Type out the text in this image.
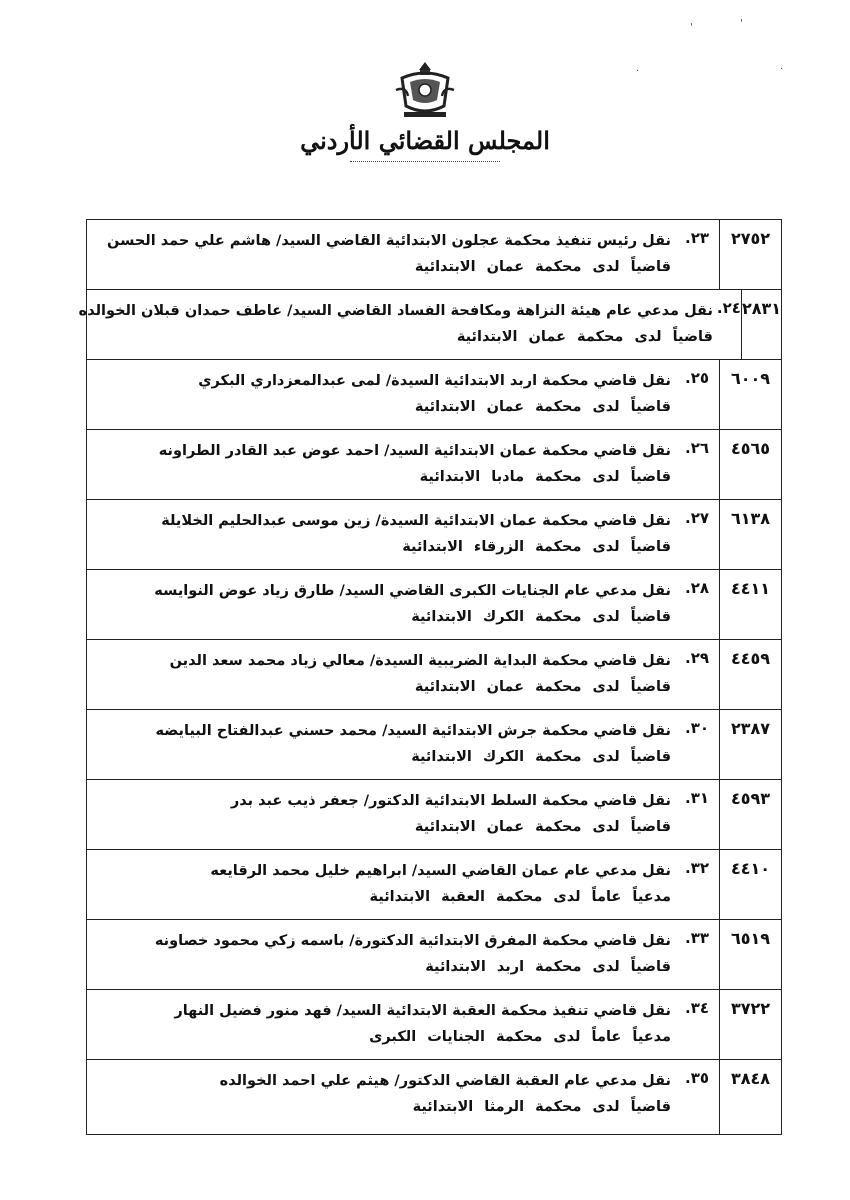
'	'
·	·
المجلس القضائي الأردني
٢٧٥٢
٢٣.
نقل رئيس تنفيذ محكمة عجلون الابتدائية القاضي السيد/ هاشم علي حمد الحسن
قاضياً لدى محكمة عمان الابتدائية
٢٨٣١
٢٤.
نقل مدعي عام هيئة النزاهة ومكافحة الفساد القاضي السيد/ عاطف حمدان قبلان الخوالده
قاضياً لدى محكمة عمان الابتدائية
٦٠٠٩
٢٥.
نقل قاضي محكمة اربد الابتدائية السيدة/ لمى عبدالمعزداري البكري
قاضياً لدى محكمة عمان الابتدائية
٤٥٦٥
٢٦.
نقل قاضي محكمة عمان الابتدائية السيد/ احمد عوض عبد القادر الطراونه
قاضياً لدى محكمة مادبا الابتدائية
٦١٣٨
٢٧.
نقل قاضي محكمة عمان الابتدائية السيدة/ زين موسى عبدالحليم الخلايلة
قاضياً لدى محكمة الزرقاء الابتدائية
٤٤١١
٢٨.
نقل مدعي عام الجنايات الكبرى القاضي السيد/ طارق زياد عوض النوايسه
قاضياً لدى محكمة الكرك الابتدائية
٤٤٥٩
٢٩.
نقل قاضي محكمة البداية الضريبية السيدة/ معالي زياد محمد سعد الدين
قاضياً لدى محكمة عمان الابتدائية
٢٣٨٧
٣٠.
نقل قاضي محكمة جرش الابتدائية السيد/ محمد حسني عبدالفتاح البيايضه
قاضياً لدى محكمة الكرك الابتدائية
٤٥٩٣
٣١.
نقل قاضي محكمة السلط الابتدائية الدكتور/ جعفر ذيب عبد بدر
قاضياً لدى محكمة عمان الابتدائية
٤٤١٠
٣٢.
نقل مدعي عام عمان القاضي السيد/ ابراهيم خليل محمد الرقايعه
مدعياً عاماً لدى محكمة العقبة الابتدائية
٦٥١٩
٣٣.
نقل قاضي محكمة المفرق الابتدائية الدكتورة/ باسمه زكي محمود خصاونه
قاضياً لدى محكمة اربد الابتدائية
٣٧٢٢
٣٤.
نقل قاضي تنفيذ محكمة العقبة الابتدائية السيد/ فهد منور فضيل النهار
مدعياً عاماً لدى محكمة الجنايات الكبرى
٣٨٤٨
٣٥.
نقل مدعي عام العقبة القاضي الدكتور/ هيثم علي احمد الخوالده
قاضياً لدى محكمة الرمثا الابتدائية
